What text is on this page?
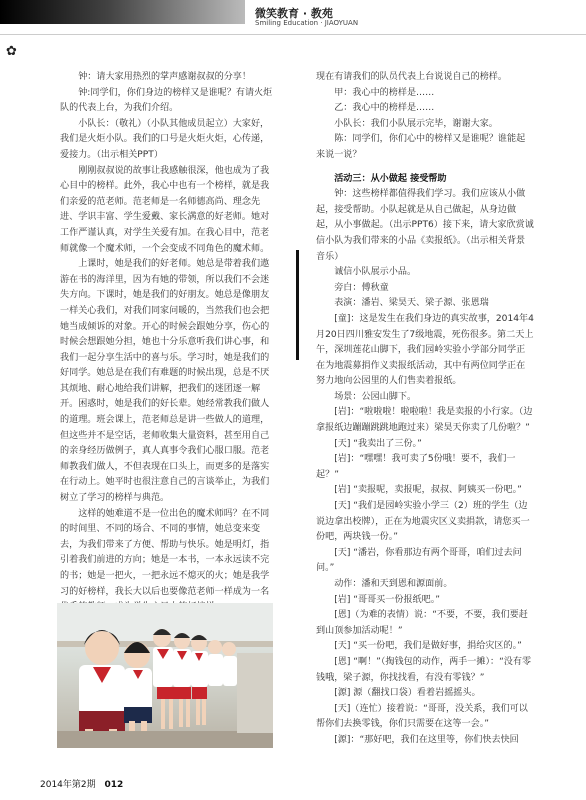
✿
微笑教育 · 教苑
Smiling Education · JIAOYUAN

钟：请大家用热烈的掌声感谢叔叔的分享！

钟:同学们，你们身边的榜样又是谁呢？有请火炬队的代表上台，为我们介绍。

小队长：（敬礼）（小队其他成员起立）大家好，我们是火炬小队。我们的口号是火炬火炬，心传递，爱接力。（出示相关PPT）

刚刚叔叔说的故事让我感触很深，他也成为了我心目中的榜样。此外，我心中也有一个榜样，就是我们亲爱的范老师。范老师是一名师德高尚、理念先进、学识丰富、学生爱戴、家长满意的好老师。她对工作严谨认真，对学生关爱有加。在我心目中，范老师就像一个魔术师，一个会变成不同角色的魔术师。

上课时，她是我们的好老师。她总是带着我们遨游在书的海洋里，因为有她的带领，所以我们不会迷失方向。下课时，她是我们的好朋友。她总是像朋友一样关心我们，对我们同家问暖的，当然我们也会把她当成倾诉的对象。开心的时候会跟她分享，伤心的时候会想跟她分担，她也十分乐意听我们讲心事，和我们一起分享生活中的喜与乐。学习时，她是我们的好同学。她总是在我们有难题的时候出现，总是不厌其烦地、耐心地给我们讲解，把我们的迷团逐一解开。困惑时，她是我们的好长辈。她经常教我们做人的道理。班会课上，范老师总是讲一些做人的道理，但这些并不是空话，老师收集大量资料，甚至用自己的亲身经历做例子，真人真事令我们心服口服。范老师教我们做人，不但表现在口头上，而更多的是落实在行动上。她平时也很注意自己的言谈举止，为我们树立了学习的榜样与典范。

这样的她难道不是一位出色的魔术师吗？在不同的时间里、不同的场合、不同的事情，她总变来变去，为我们带来了方便、帮助与快乐。她是明灯，指引着我们前进的方向；她是一本书，一本永远读不完的书；她是一把火，一把永远不熄灭的火；她是我学习的好榜样，我长大以后也要像范老师一样成为一名

现在有请我们的队员代表上台说说自己的榜样。

甲：我心中的榜样是……

乙：我心中的榜样是……

小队长：我们小队展示完毕，谢谢大家。

陈：同学们，你们心中的榜样又是谁呢？谁能起来说一说？

活动三：从小做起 接受帮助

钟：这些榜样都值得我们学习。我们应该从小做起，接受帮助。小队起就是从自己做起，从身边做起，从小事做起。（出示PPT6）接下来，请大家欣赏诚信小队为我们带来的小品《卖报纸》。（出示相关背景音乐）

诚信小队展示小品。

旁白：傅秋童

表演：潘岩、梁昊天、梁子源、张恩瑞

[童]：这是发生在我们身边的真实故事，2014年4月20日四川雅安发生了7级地震，死伤很多。第二天上午，深圳莲花山脚下，我们园岭实验小学部分同学正在为地震募捐作义卖报纸活动，其中有两位同学正在努力地向公园里的人们售卖着报纸。

场景：公园山脚下。

[岩]：“啦啦啦！啦啦啦！我是卖报的小行家。（边拿报纸边蹦蹦跳跳地跑过来）梁昊天你卖了几份啦？”

[天] “我卖出了三份。”

[岩]：“嘿嘿！我可卖了5份哦！要不，我们一起？”

[岩] “卖报呢，卖报呢，叔叔、阿姨买一份吧。”

[天] “我们是园岭实验小学三（2）班的学生（边说边拿出校牌），正在为地震灾区义卖捐款，请您买一份吧，两块钱一份。”

[天] “潘岩，你看那边有两个哥哥，咱们过去问问。”

动作：潘和天到恩和源面前。

[岩] “哥哥买一份报纸吧。”

[恩]（为难的表情）说：“不要，不要，我们要赶到山顶参加活动呢！”

[天] “买一份吧，我们是做好事，捐给灾区的。”

[恩] “啊！”（掏钱包的动作，两手一摊）：“没有零钱哦，梁子源，你找找看，有没有零钱？”

[源] 源（翻找口袋）看着岩摇摇头。

[天]（连忙）接着说：“哥哥，没关系，我们可以帮你们去换零钱，你们只需要在这等一会。”

[源]：“那好吧，我们在这里等，你们快去快回

2014年第2期 012
